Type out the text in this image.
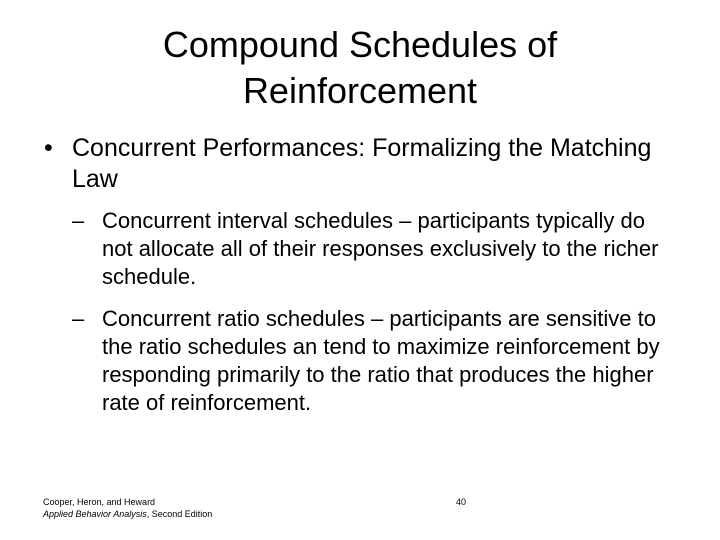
Compound Schedules of
Reinforcement
• Concurrent Performances: Formalizing the Matching Law
– Concurrent interval schedules – participants typically do not allocate all of their responses exclusively to the richer schedule.
– Concurrent ratio schedules – participants are sensitive to the ratio schedules an tend to maximize reinforcement by responding primarily to the ratio that produces the higher rate of reinforcement.
Cooper, Heron, and Heward
Applied Behavior Analysis, Second Edition
40
